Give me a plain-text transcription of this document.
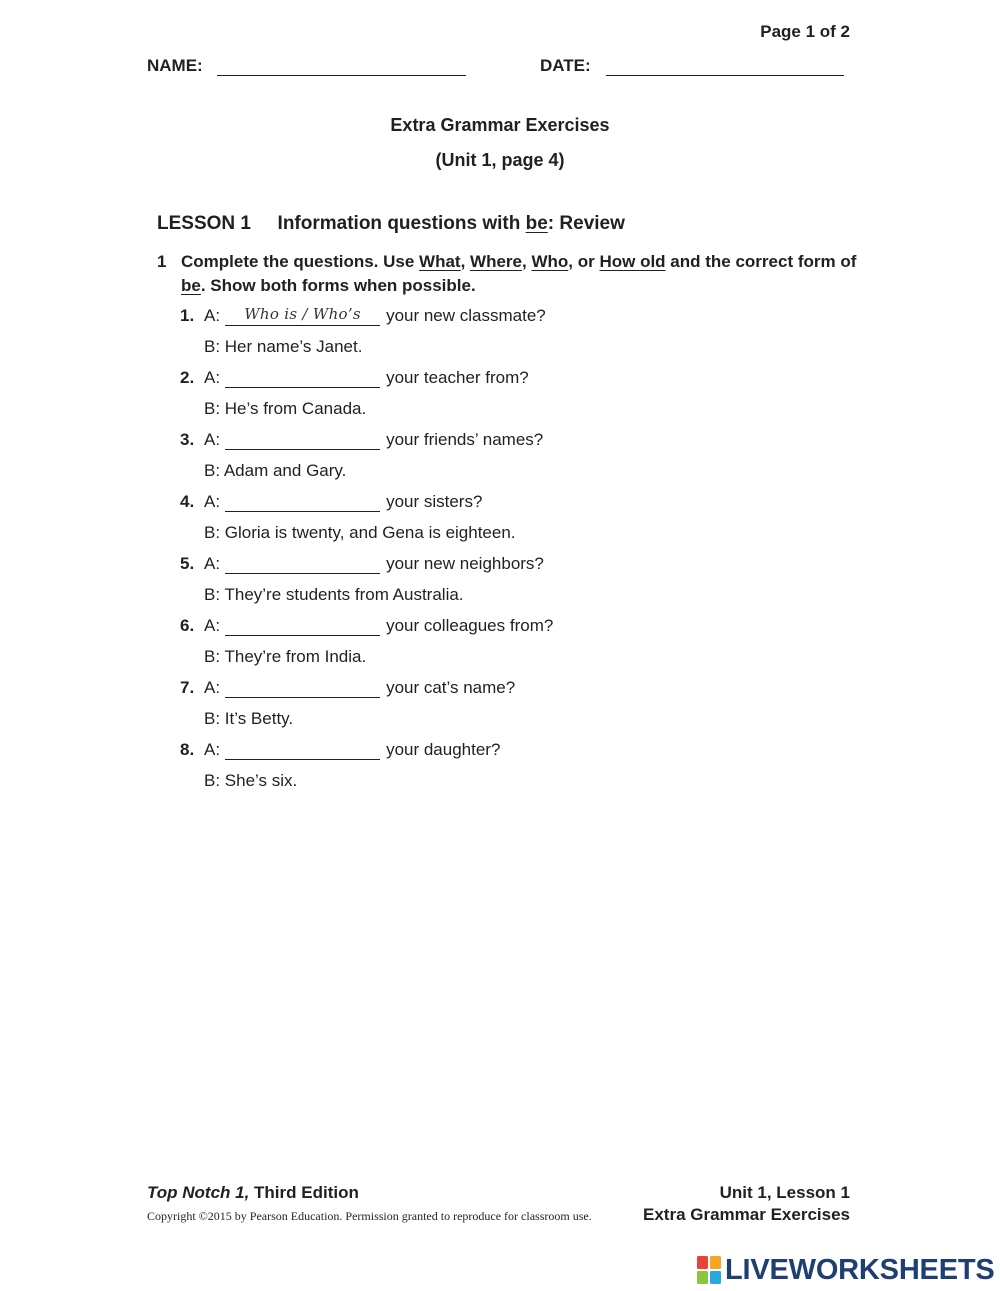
Page 1 of 2
NAME:	DATE:
Extra Grammar Exercises
(Unit 1, page 4)
LESSON 1 Information questions with be: Review
1 Complete the questions. Use What, Where, Who, or How old and the correct form of be. Show both forms when possible.
1. A: Who is / Who’s your new classmate?
B: Her name’s Janet.
2. A:	your teacher from?
B: He’s from Canada.
3. A:	your friends’ names?
B: Adam and Gary.
4. A:	your sisters?
B: Gloria is twenty, and Gena is eighteen.
5. A:	your new neighbors?
B: They’re students from Australia.
6. A:	your colleagues from?
B: They’re from India.
7. A:	your cat’s name?
B: It’s Betty.
8. A:	your daughter?
B: She’s six.
Top Notch 1, Third Edition
Copyright ©2015 by Pearson Education. Permission granted to reproduce for classroom use.
Unit 1, Lesson 1
Extra Grammar Exercises
LIVEWORKSHEETS
